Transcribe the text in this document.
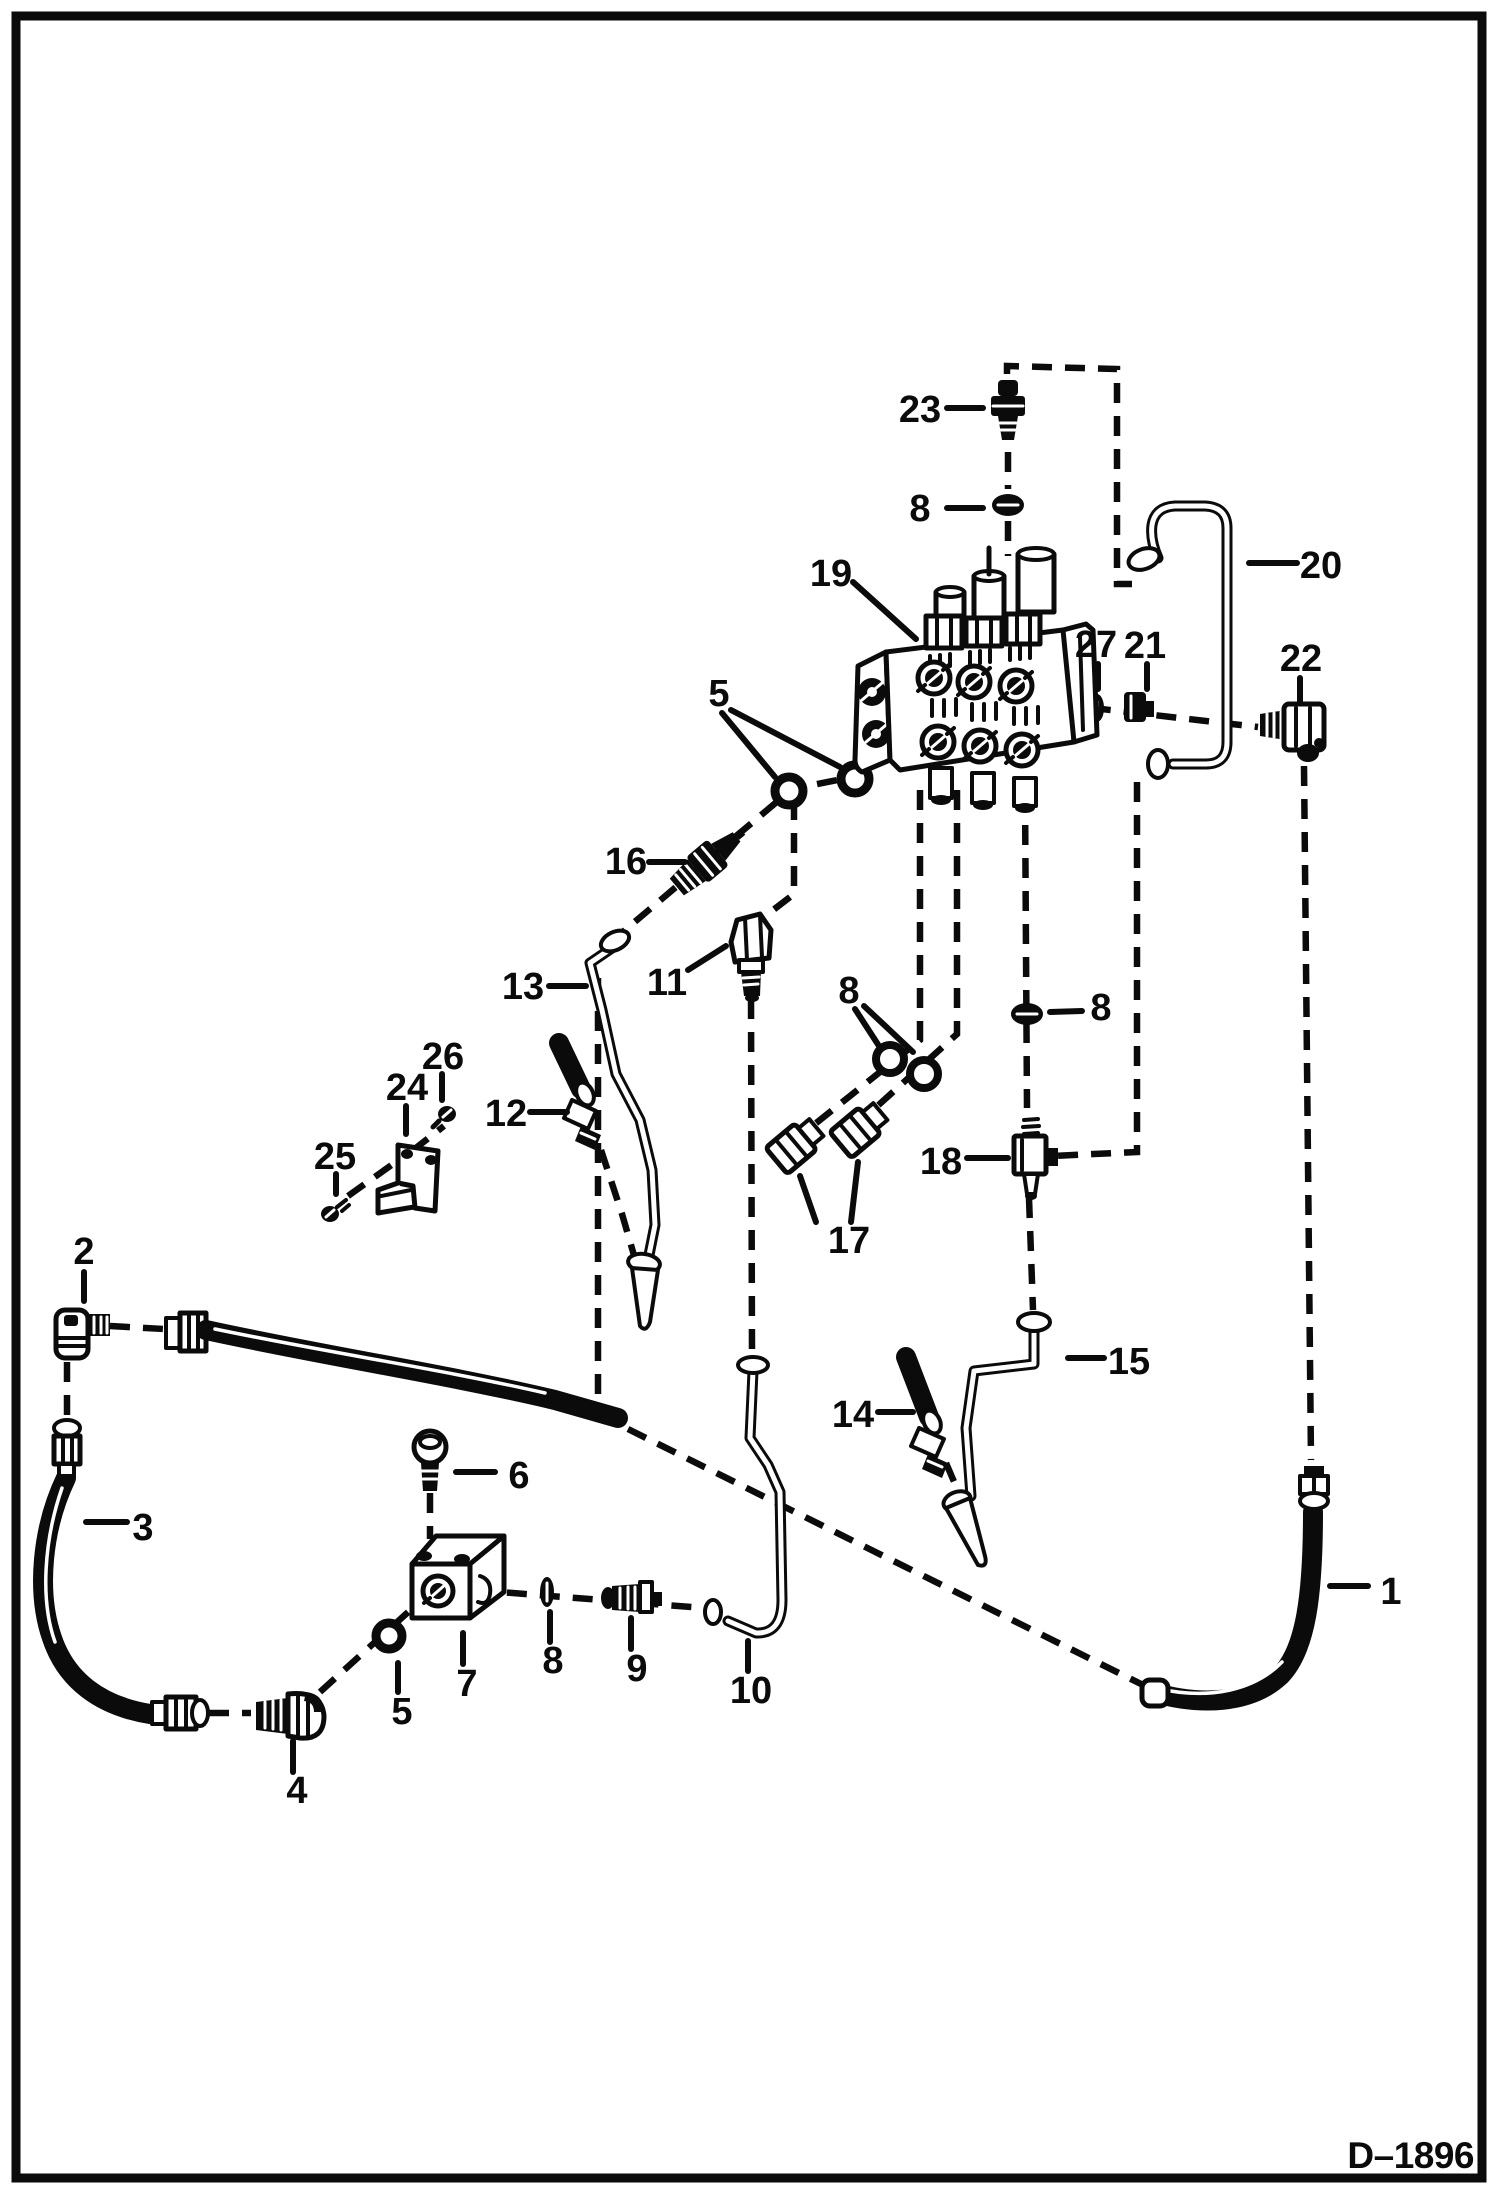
1
2
3
4
5
5
6
7
8
8	8
8 9
10
11
12
13
14
15
16
17
18
19	20
21	22
23
24
25
26
27
D–1896
